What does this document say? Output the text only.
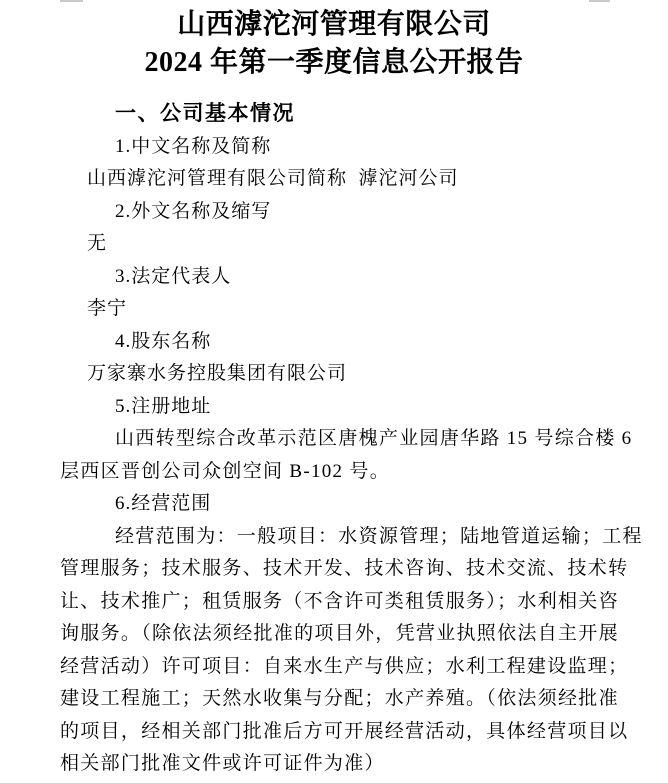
山西滹沱河管理有限公司
2024 年第一季度信息公开报告
一、公司基本情况
1.中文名称及简称
山西滹沱河管理有限公司简称  滹沱河公司
2.外文名称及缩写
无
3.法定代表人
李宁
4.股东名称
万家寨水务控股集团有限公司
5.注册地址
山西转型综合改革示范区唐槐产业园唐华路 15 号综合楼 6
层西区晋创公司众创空间 B-102 号。
6.经营范围
经营范围为：一般项目：水资源管理；陆地管道运输；工程
管理服务；技术服务、技术开发、技术咨询、技术交流、技术转
让、技术推广；租赁服务（不含许可类租赁服务）；水利相关咨
询服务。（除依法须经批准的项目外，凭营业执照依法自主开展
经营活动）许可项目：自来水生产与供应；水利工程建设监理；
建设工程施工；天然水收集与分配；水产养殖。（依法须经批准
的项目，经相关部门批准后方可开展经营活动，具体经营项目以
相关部门批准文件或许可证件为准）
